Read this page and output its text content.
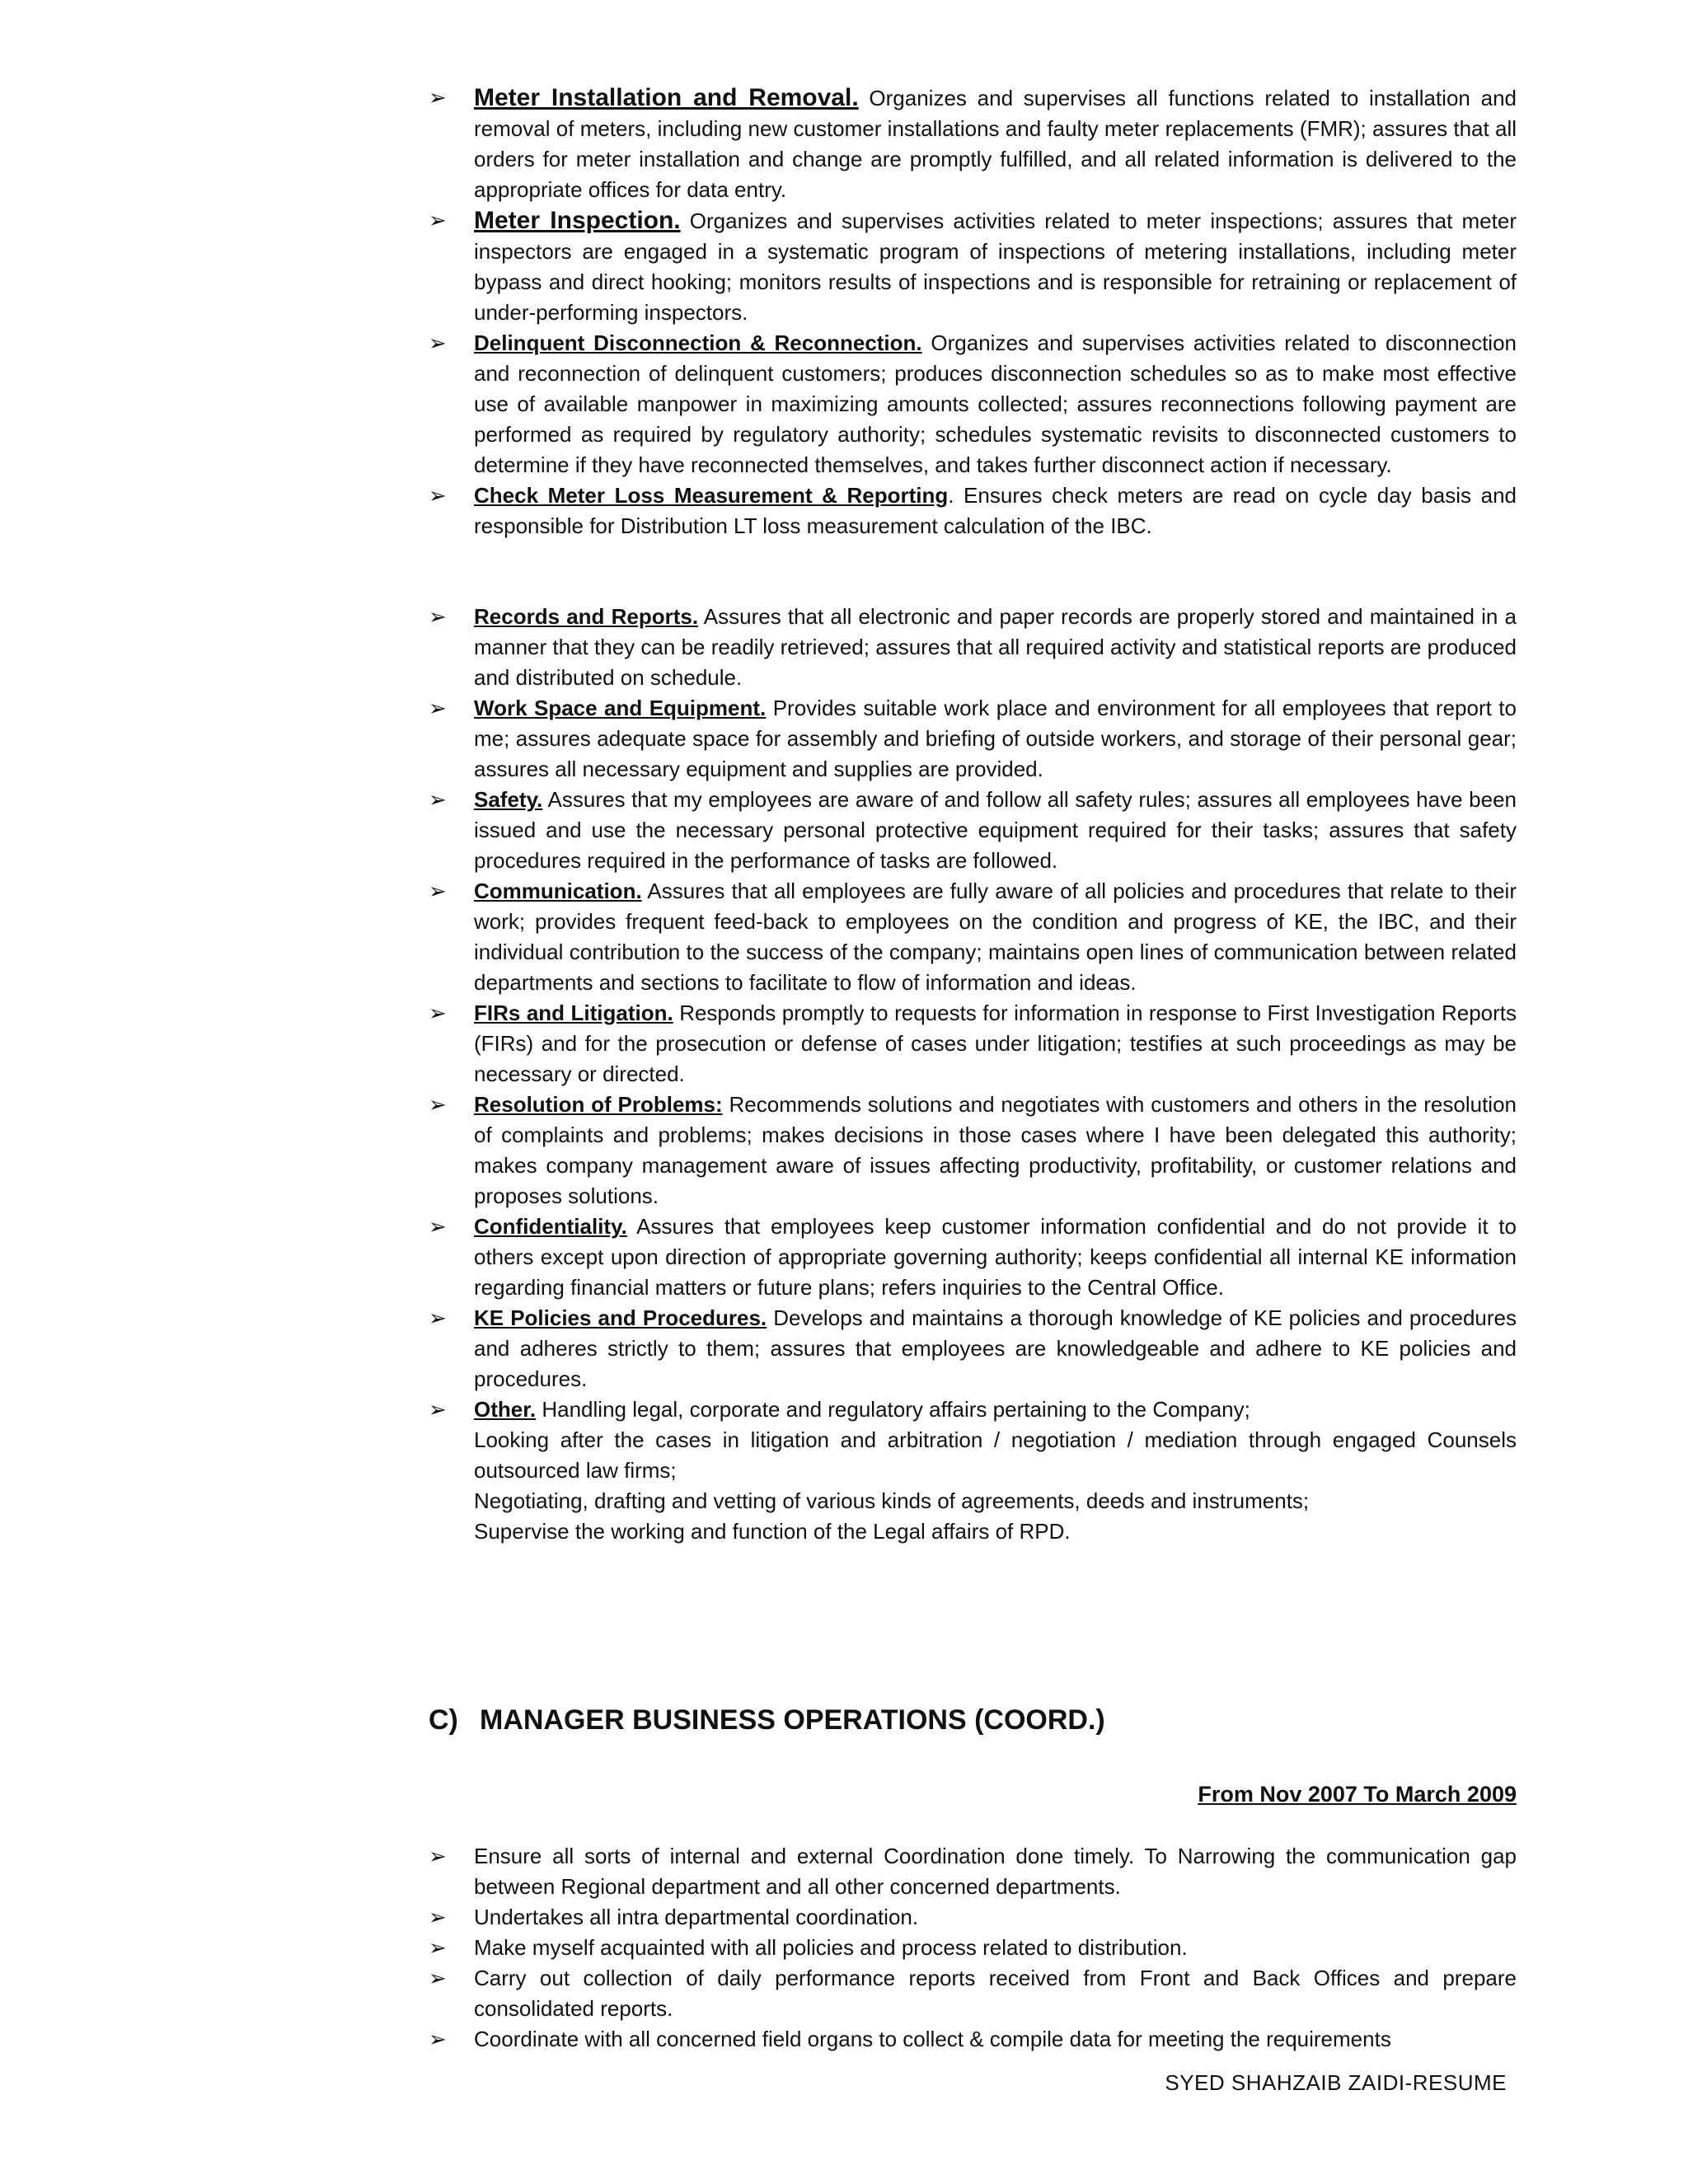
➢ Meter Installation and Removal. Organizes and supervises all functions related to installation and removal of meters, including new customer installations and faulty meter replacements (FMR); assures that all orders for meter installation and change are promptly fulfilled, and all related information is delivered to the appropriate offices for data entry.
➢ Meter Inspection. Organizes and supervises activities related to meter inspections; assures that meter inspectors are engaged in a systematic program of inspections of metering installations, including meter bypass and direct hooking; monitors results of inspections and is responsible for retraining or replacement of under-performing inspectors.
➢	Delinquent Disconnection & Reconnection. Organizes and supervises activities related to disconnection and reconnection of delinquent customers; produces disconnection schedules so as to make most effective use of available manpower in maximizing amounts collected; assures reconnections following payment are performed as required by regulatory authority; schedules systematic revisits to disconnected customers to determine if they have reconnected themselves, and takes further disconnect action if necessary.
➢	Check Meter Loss Measurement & Reporting. Ensures check meters are read on cycle day basis and responsible for Distribution LT loss measurement calculation of the IBC.
➢	Records and Reports. Assures that all electronic and paper records are properly stored and maintained in a manner that they can be readily retrieved; assures that all required activity and statistical reports are produced and distributed on schedule.
➢	Work Space and Equipment. Provides suitable work place and environment for all employees that report to me; assures adequate space for assembly and briefing of outside workers, and storage of their personal gear; assures all necessary equipment and supplies are provided.
➢	Safety. Assures that my employees are aware of and follow all safety rules; assures all employees have been issued and use the necessary personal protective equipment required for their tasks; assures that safety procedures required in the performance of tasks are followed.
➢	Communication. Assures that all employees are fully aware of all policies and procedures that relate to their work; provides frequent feed-back to employees on the condition and progress of KE, the IBC, and their individual contribution to the success of the company; maintains open lines of communication between related departments and sections to facilitate to flow of information and ideas.
➢	FIRs and Litigation. Responds promptly to requests for information in response to First Investigation Reports (FIRs) and for the prosecution or defense of cases under litigation; testifies at such proceedings as may be necessary or directed.
➢	Resolution of Problems: Recommends solutions and negotiates with customers and others in the resolution of complaints and problems; makes decisions in those cases where I have been delegated this authority; makes company management aware of issues affecting productivity, profitability, or customer relations and proposes solutions.
➢	Confidentiality. Assures that employees keep customer information confidential and do not provide it to others except upon direction of appropriate governing authority; keeps confidential all internal KE information regarding financial matters or future plans; refers inquiries to the Central Office.
➢	KE Policies and Procedures. Develops and maintains a thorough knowledge of KE policies and procedures and adheres strictly to them; assures that employees are knowledgeable and adhere to KE policies and procedures.
➢	Other. Handling legal, corporate and regulatory affairs pertaining to the Company;
Looking after the cases in litigation and arbitration / negotiation / mediation through engaged Counsels outsourced law firms;
Negotiating, drafting and vetting of various kinds of agreements, deeds and instruments;
Supervise the working and function of the Legal affairs of RPD.
C) MANAGER BUSINESS OPERATIONS (COORD.)
From Nov 2007 To March 2009
➢	Ensure all sorts of internal and external Coordination done timely. To Narrowing the communication gap between Regional department and all other concerned departments.
➢	Undertakes all intra departmental coordination.
➢	Make myself acquainted with all policies and process related to distribution.
➢	Carry out collection of daily performance reports received from Front and Back Offices and prepare consolidated reports.
➢	Coordinate with all concerned field organs to collect & compile data for meeting the requirements
SYED SHAHZAIB ZAIDI-RESUME
